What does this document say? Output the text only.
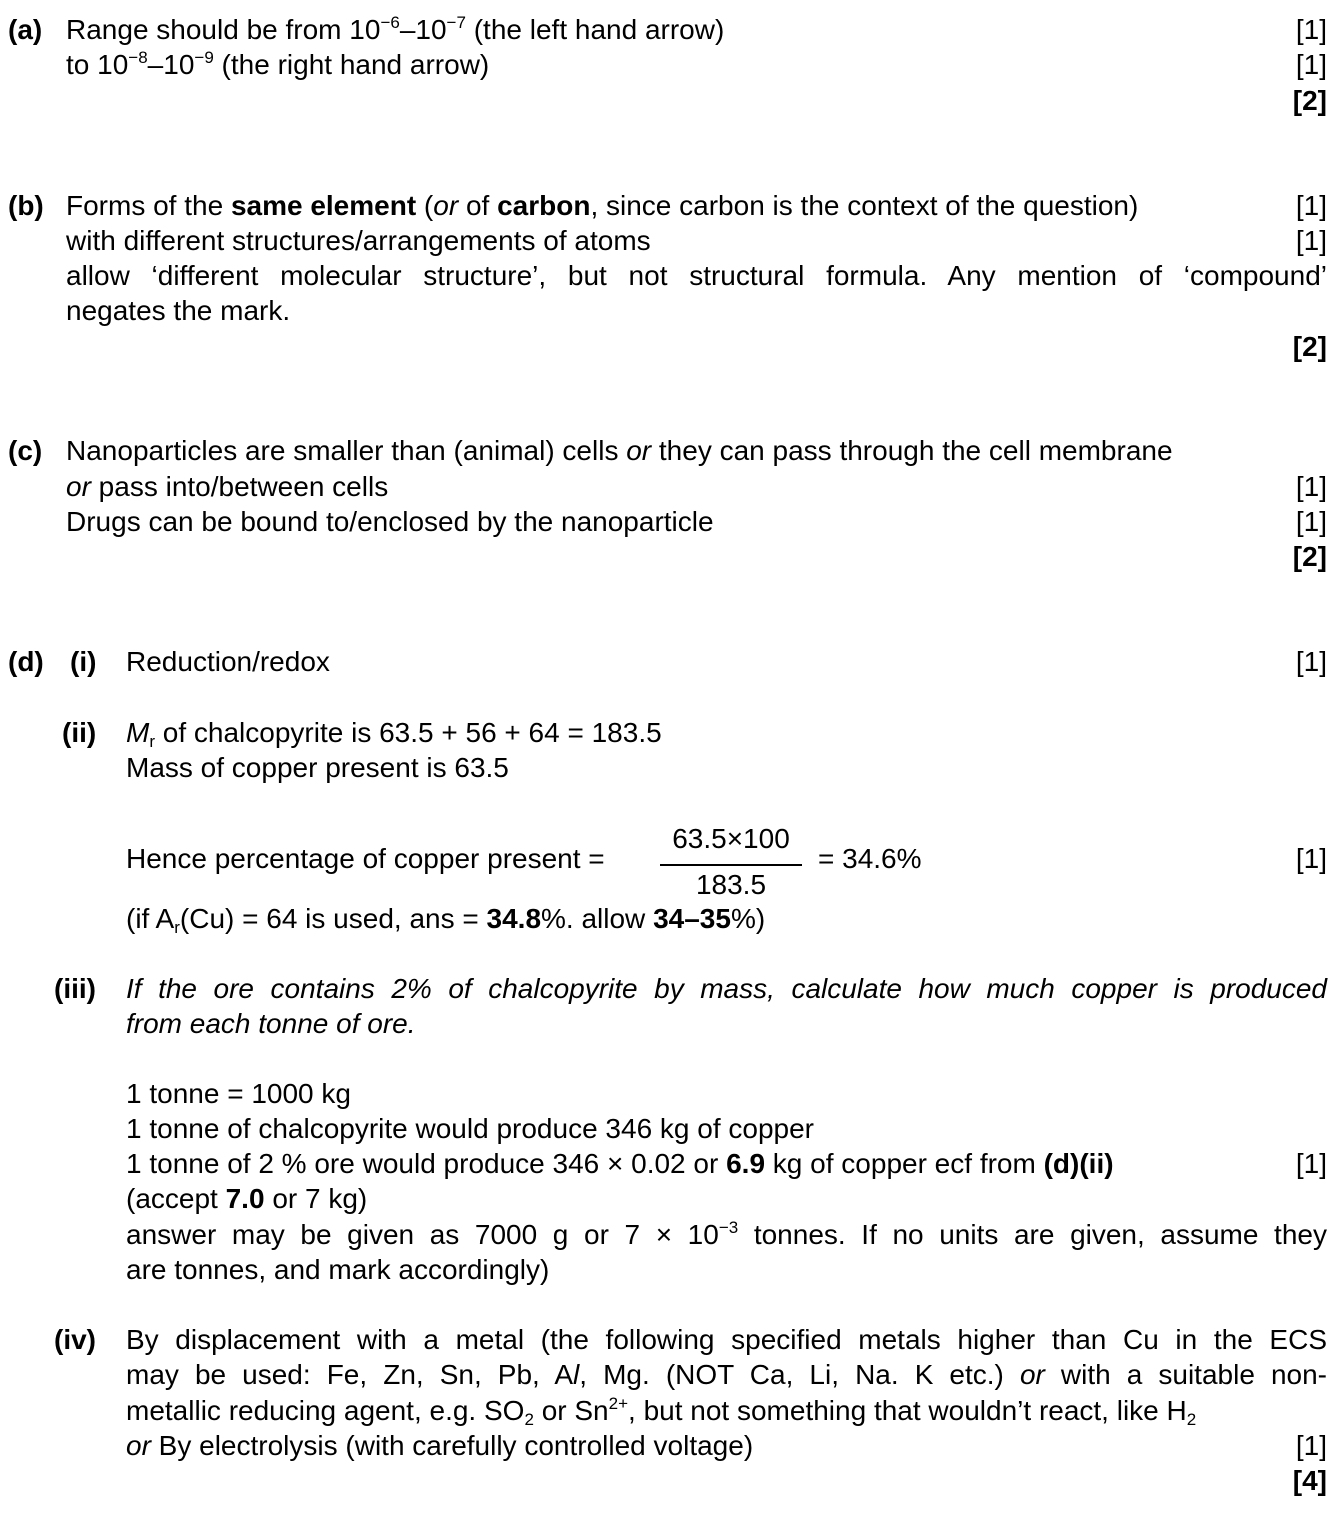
(a) Range should be from $10^{-6}-10^{-7}$ (the left hand arrow)	[1]
to $10^{-8}-10^{-9}$ (the right hand arrow)	[1]
[2]
(b) Forms of the same element (or of carbon, since carbon is the context of the question)	[1]
with different structures/arrangements of atoms	[1]
allow ‘different molecular structure’, but not structural formula. Any mention of ‘compound’
negates the mark.
[2]
(c) Nanoparticles are smaller than (animal) cells or they can pass through the cell membrane
or pass into/between cells	[1]
Drugs can be bound to/enclosed by the nanoparticle	[1]
[2]
(d) (i) Reduction/redox	[1]
(ii) $M_r$ of chalcopyrite is 63.5 + 56 + 64 = 183.5
Mass of copper present is 63.5
Hence percentage of copper present =	= 34.6%	[1]
63.5×100
183.5
(if $A_r(Cu) = 64$ is used, ans = 34.8%. allow 34–35%)
(iii) If the ore contains 2% of chalcopyrite by mass, calculate how much copper is produced
from each tonne of ore.
1 tonne = 1000 kg
1 tonne of chalcopyrite would produce 346 kg of copper
1 tonne of 2 % ore would produce 346 × 0.02 or 6.9 kg of copper ecf from (d)(ii)	[1]
(accept 7.0 or 7 kg)
answer may be given as 7000 g or $7 \times 10^{-3}$ tonnes. If no units are given, assume they
are tonnes, and mark accordingly)
(iv) By displacement with a metal (the following specified metals higher than Cu in the ECS
may be used: Fe, Zn, Sn, Pb, Al, Mg. (NOT Ca, Li, Na. K etc.) or with a suitable non-
metallic reducing agent, e.g. $SO_2$ or $Sn^{2+}$, but not something that wouldn’t react, like $H_2$
or By electrolysis (with carefully controlled voltage)	[1]
[4]
